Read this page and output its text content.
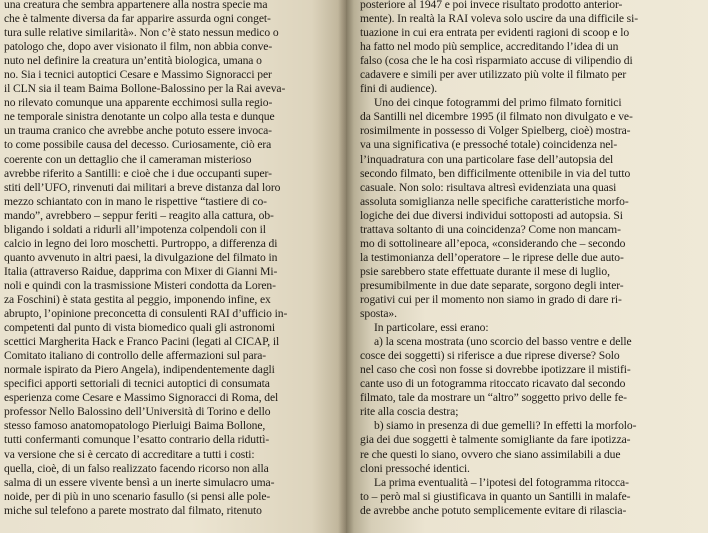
una creatura che sembra appartenere alla nostra specie ma
che è talmente diversa da far apparire assurda ogni conget-
tura sulle relative similarità». Non c’è stato nessun medico o
patologo che, dopo aver visionato il film, non abbia conve-
nuto nel definire la creatura un’entità biologica, umana o
no. Sia i tecnici autoptici Cesare e Massimo Signoracci per
il CLN sia il team Baima Bollone-Balossino per la Rai aveva-
no rilevato comunque una apparente ecchimosi sulla regio-
ne temporale sinistra denotante un colpo alla testa e dunque
un trauma cranico che avrebbe anche potuto essere invoca-
to come possibile causa del decesso. Curiosamente, ciò era
coerente con un dettaglio che il cameraman misterioso
avrebbe riferito a Santilli: e cioè che i due occupanti super-
stiti dell’UFO, rinvenuti dai militari a breve distanza dal loro
mezzo schiantato con in mano le rispettive “tastiere di co-
mando”, avrebbero – seppur feriti – reagito alla cattura, ob-
bligando i soldati a ridurli all’impotenza colpendoli con il
calcio in legno dei loro moschetti. Purtroppo, a differenza di
quanto avvenuto in altri paesi, la divulgazione del filmato in
Italia (attraverso Raidue, dapprima con Mixer di Gianni Mi-
noli e quindi con la trasmissione Misteri condotta da Loren-
za Foschini) è stata gestita al peggio, imponendo infine, ex
abrupto, l’opinione preconcetta di consulenti RAI d’ufficio in-
competenti dal punto di vista biomedico quali gli astronomi
scettici Margherita Hack e Franco Pacini (legati al CICAP, il
Comitato italiano di controllo delle affermazioni sul para-
normale ispirato da Piero Angela), indipendentemente dagli
specifici apporti settoriali di tecnici autoptici di consumata
esperienza come Cesare e Massimo Signoracci di Roma, del
professor Nello Balossino dell’Università di Torino e dello
stesso famoso anatomopatologo Pierluigi Baima Bollone,
tutti confermanti comunque l’esatto contrario della riduttì-
va versione che si è cercato di accreditare a tutti i costi:
quella, cioè, di un falso realizzato facendo ricorso non alla
salma di un essere vivente bensì a un inerte simulacro uma-
noide, per di più in uno scenario fasullo (si pensi alle pole-
miche sul telefono a parete mostrato dal filmato, ritenuto
posteriore al 1947 e poi invece risultato prodotto anterior-
mente). In realtà la RAI voleva solo uscire da una difficile si-
tuazione in cui era entrata per evidenti ragioni di scoop e lo
ha fatto nel modo più semplice, accreditando l’idea di un
falso (cosa che le ha così risparmiato accuse di vilipendio di
cadavere e simili per aver utilizzato più volte il filmato per
fini di audience).
Uno dei cinque fotogrammi del primo filmato fornitici
da Santilli nel dicembre 1995 (il filmato non divulgato e ve-
rosimilmente in possesso di Volger Spielberg, cioè) mostra-
va una significativa (e pressoché totale) coincidenza nel-
l’inquadratura con una particolare fase dell’autopsia del
secondo filmato, ben difficilmente ottenibile in via del tutto
casuale. Non solo: risultava altresì evidenziata una quasi
assoluta somiglianza nelle specifiche caratteristiche morfo-
logiche dei due diversi individui sottoposti ad autopsia. Si
trattava soltanto di una coincidenza? Come non mancam-
mo di sottolineare all’epoca, «considerando che – secondo
la testimonianza dell’operatore – le riprese delle due auto-
psie sarebbero state effettuate durante il mese di luglio,
presumibilmente in due date separate, sorgono degli inter-
rogativi cui per il momento non siamo in grado di dare ri-
sposta».
In particolare, essi erano:
a) la scena mostrata (uno scorcio del basso ventre e delle
cosce dei soggetti) si riferisce a due riprese diverse? Solo
nel caso che così non fosse si dovrebbe ipotizzare il mistifi-
cante uso di un fotogramma ritoccato ricavato dal secondo
filmato, tale da mostrare un “altro” soggetto privo delle fe-
rite alla coscia destra;
b) siamo in presenza di due gemelli? In effetti la morfolo-
gia dei due soggetti è talmente somigliante da fare ipotizza-
re che questi lo siano, ovvero che siano assimilabili a due
cloni pressoché identici.
La prima eventualità – l’ipotesi del fotogramma ritocca-
to – però mal si giustificava in quanto un Santilli in malafe-
de avrebbe anche potuto semplicemente evitare di rilascia-
